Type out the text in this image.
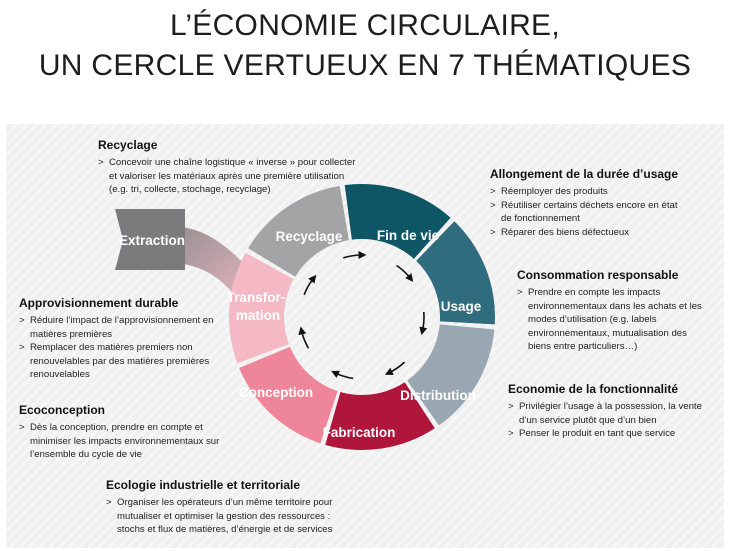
L’ÉCONOMIE CIRCULAIRE,
UN CERCLE VERTUEUX EN 7 THÉMATIQUES
Extraction	Recyclage	Fin de vie
Usage
Distribution
Fabrication
Conception
Transfor-
mation
Recyclage
> Concevoir une chaîne logistique « inverse » pour collecter et valoriser les matériaux après une première utilisation (e.g. tri, collecte, stochage, recyclage)
Allongement de la durée d’usage
> Réemployer des produits
> Réutiliser certains déchets encore en état de fonctionnement
> Réparer des biens défectueux
Consommation responsable
> Prendre en compte les impacts environnementaux dans les achats et les modes d’utilisation (e.g. labels environnementaux, mutualisation des biens entre particuliers…)
Economie de la fonctionnalité
> Privilégier l’usage à la possession, la vente d’un service plutôt que d’un bien
> Penser le produit en tant que service
Ecologie industrielle et territoriale
> Organiser les opérateurs d’un même territoire pour mutualiser et optimiser la gestion des ressources : stochs et flux de matières, d’énergie et de services
Ecoconception
> Dès la conception, prendre en compte et minimiser les impacts environnementaux sur l’ensemble du cycle de vie
Approvisionnement durable
> Réduire l’impact de l’approvisionnement en matières premières
> Remplacer des matières premiers non renouvelables par des matières premières renouvelables
